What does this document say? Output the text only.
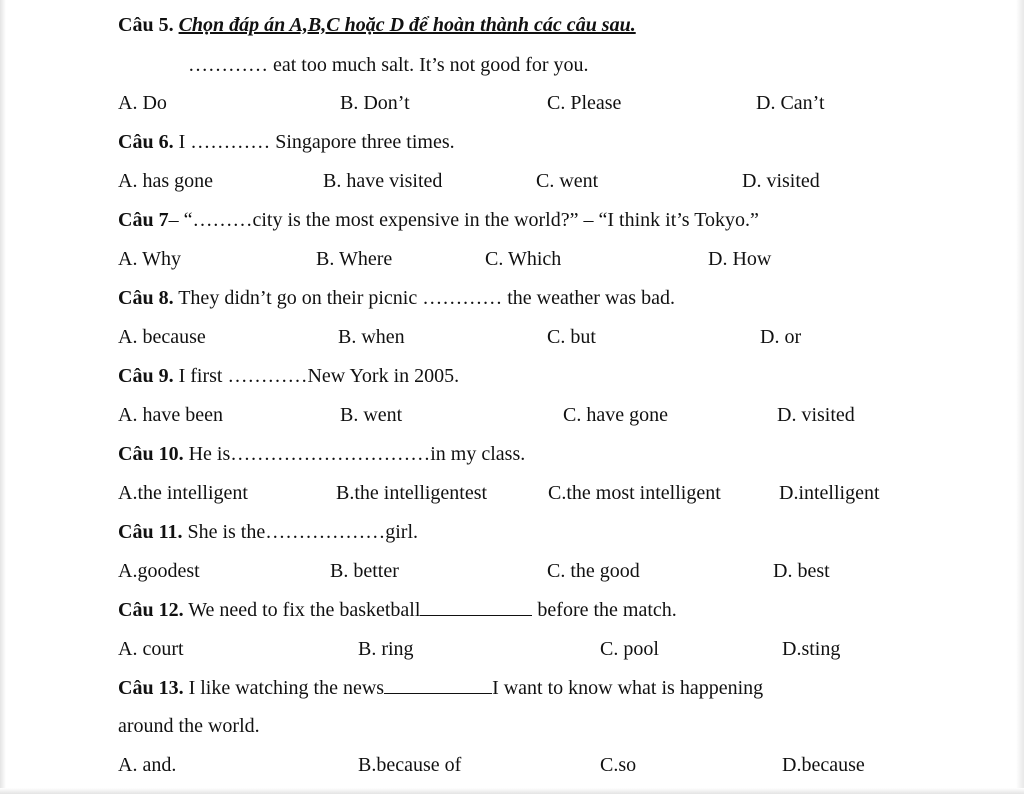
Câu 5. Chọn đáp án A,B,C hoặc D để hoàn thành các câu sau.
………… eat too much salt. It’s not good for you.
A. Do	B. Don’t	C. Please	D. Can’t
Câu 6. I ………… Singapore three times.
A. has gone	B. have visited	C. went	D. visited
Câu 7– “………city is the most expensive in the world?” – “I think it’s Tokyo.”
A. Why	B. Where	C. Which	D. How
Câu 8. They didn’t go on their picnic ………… the weather was bad.
A. because	B. when	C. but	D. or
Câu 9. I first …………New York in 2005.
A. have been	B. went	C. have gone	D. visited
Câu 10. He is…………………………in my class.
A.the intelligent	B.the intelligentest	C.the most intelligent	D.intelligent
Câu 11. She is the………………girl.
A.goodest	B. better	C. the good	D. best
Câu 12. We need to fix the basketball	before the match.
A. court	B. ring	C. pool	D.sting
Câu 13. I like watching the news	I want to know what is happening
around the world.
A. and.	B.because of	C.so	D.because
